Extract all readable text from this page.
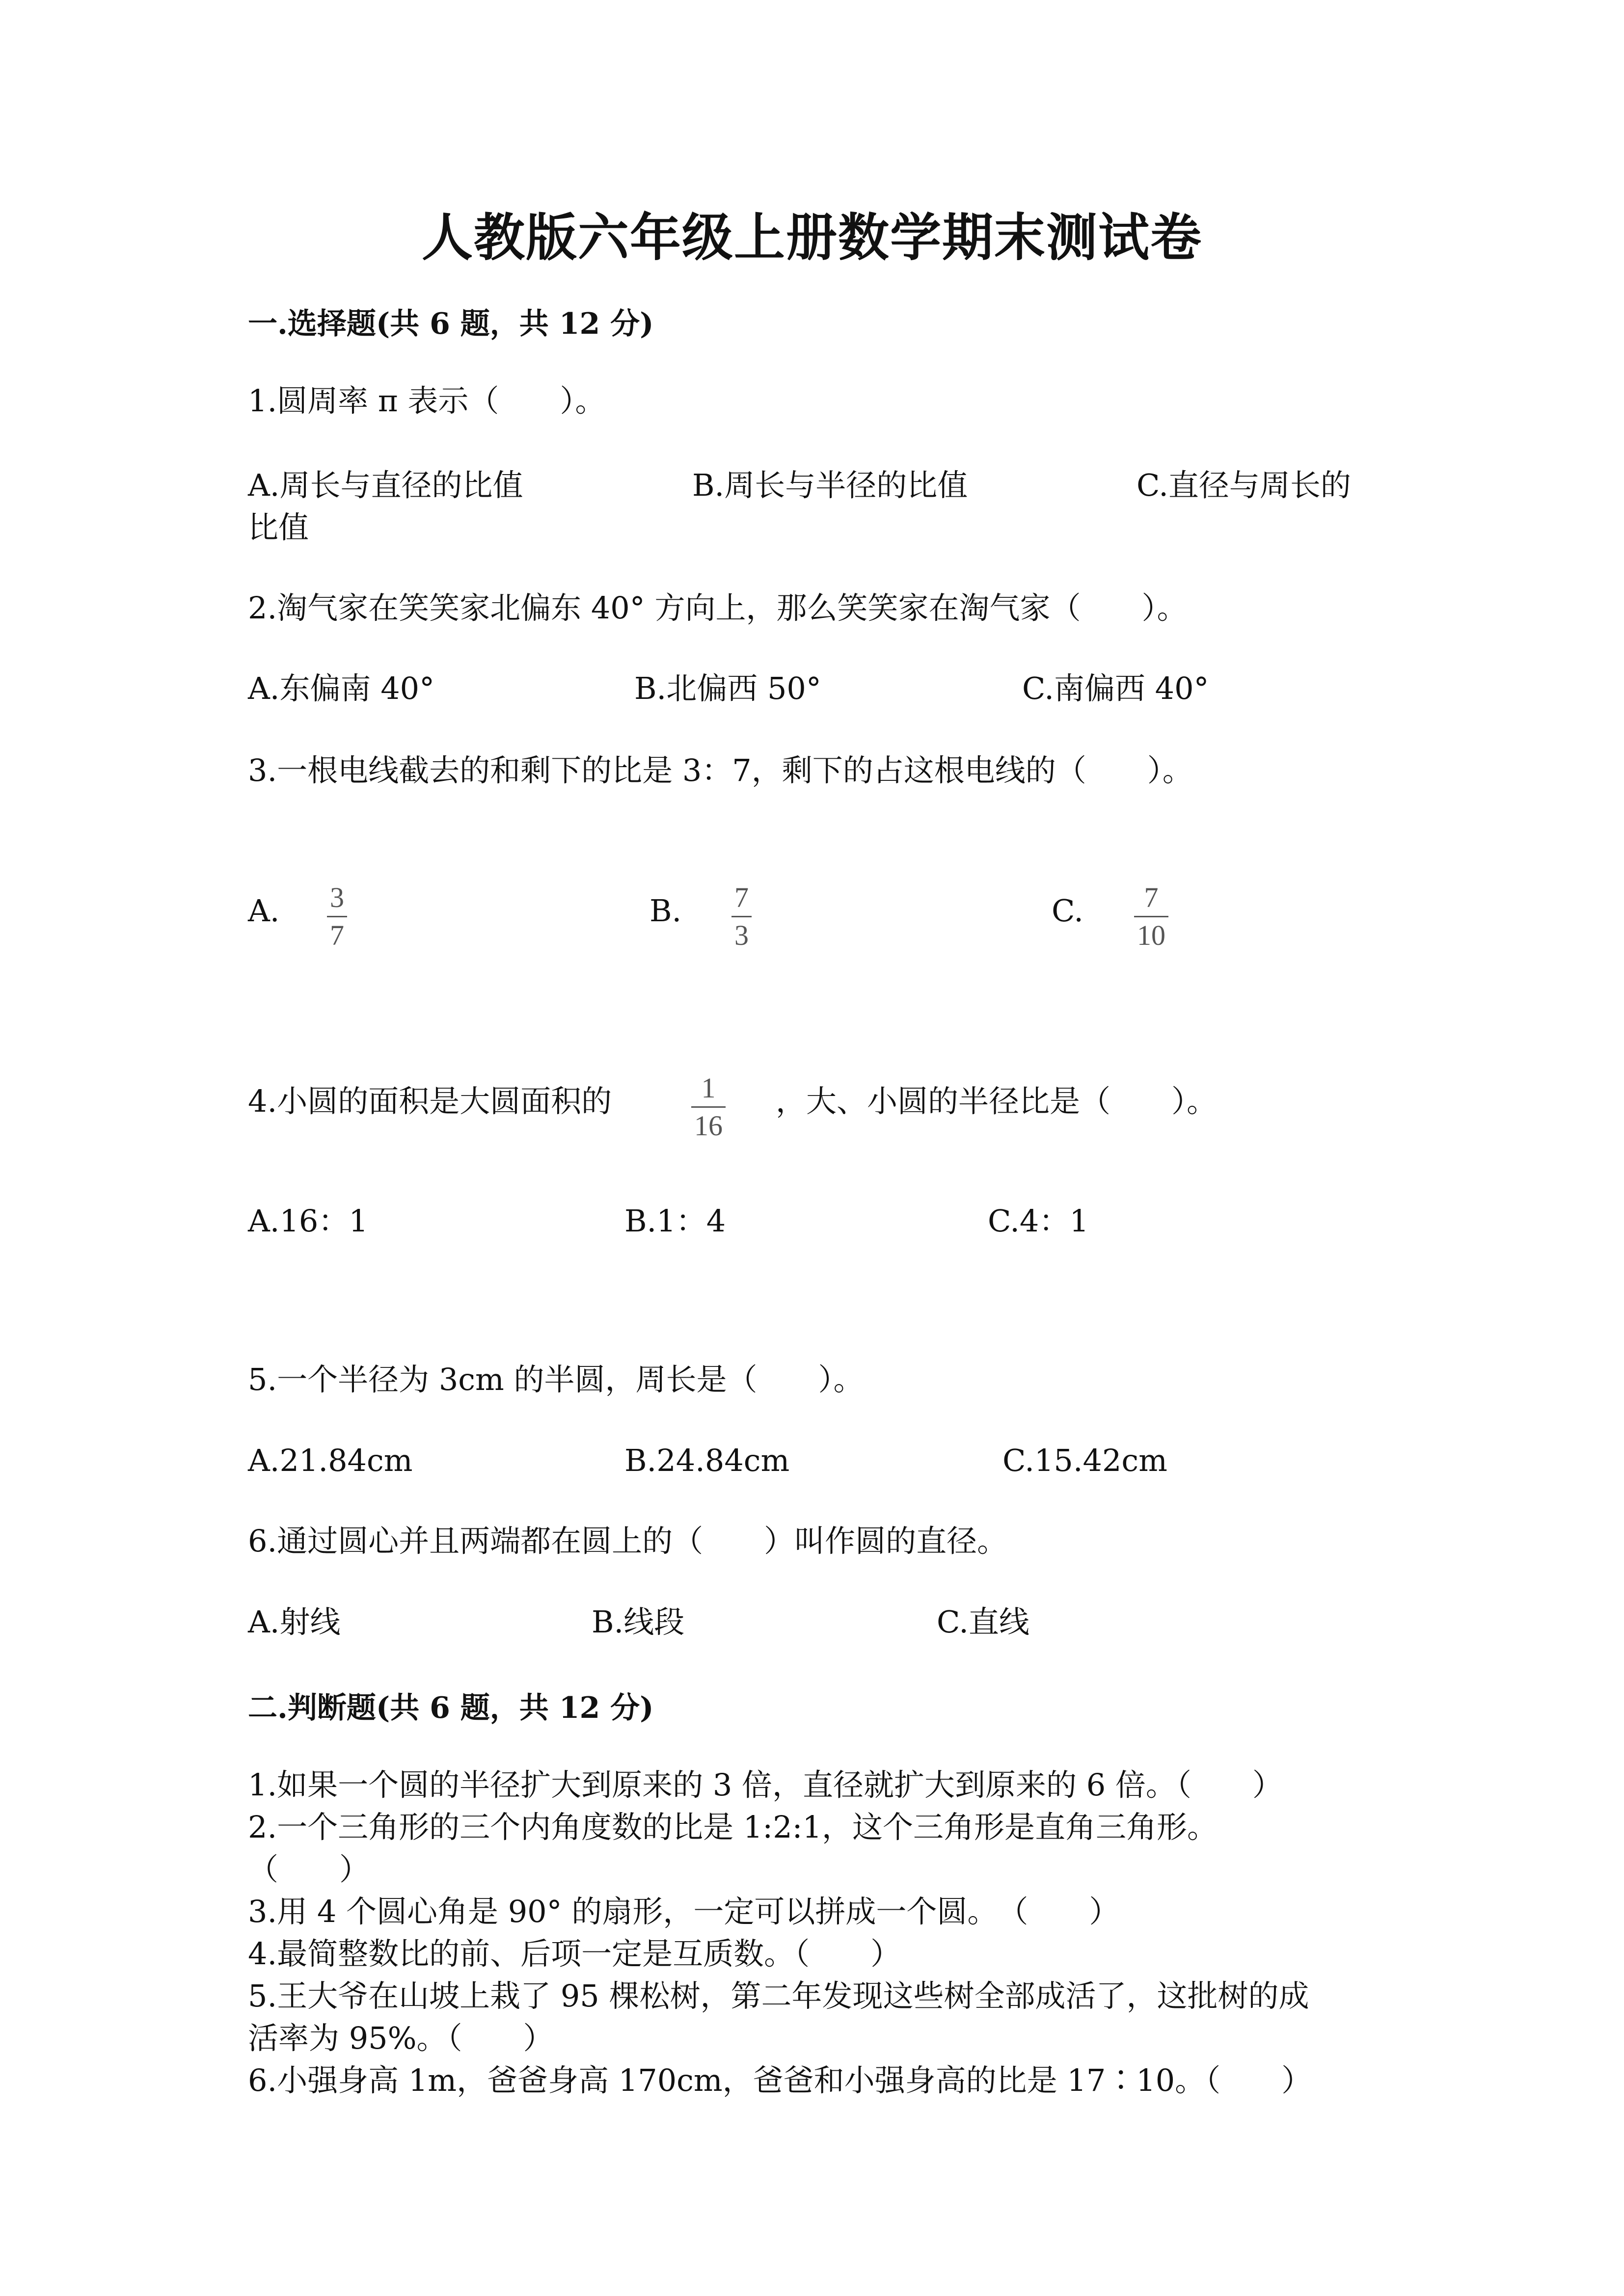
人教版六年级上册数学期末测试卷
一.选择题(共 6 题，共 12 分)
1.圆周率 π 表示（　　）。
A.周长与直径的比值	B.周长与半径的比值	C.直径与周长的
比值
2.淘气家在笑笑家北偏东 40° 方向上，那么笑笑家在淘气家（　　）。
A.东偏南 40°	B.北偏西 50°	C.南偏西 40°
3.一根电线截去的和剩下的比是 3：7，剩下的占这根电线的（　　）。
A. 3
7
B. 7
3
C. 7
10
4.小圆的面积是大圆面积的	1
16
，大、小圆的半径比是（　　）。
A.16：1	B.1：4	C.4：1
5.一个半径为 3cm 的半圆，周长是（　　）。
A.21.84cm	B.24.84cm	C.15.42cm
6.通过圆心并且两端都在圆上的（　　）叫作圆的直径。
A.射线	B.线段	C.直线
二.判断题(共 6 题，共 12 分)
1.如果一个圆的半径扩大到原来的 3 倍，直径就扩大到原来的 6 倍。（　　）
2.一个三角形的三个内角度数的比是 1:2:1，这个三角形是直角三角形。
（　　）
3.用 4 个圆心角是 90° 的扇形，一定可以拼成一个圆。　（　　）
4.最简整数比的前、后项一定是互质数。（　　）
5.王大爷在山坡上栽了 95 棵松树，第二年发现这些树全部成活了，这批树的成
活率为 95%。（　　）
6.小强身高 1m，爸爸身高 170cm，爸爸和小强身高的比是 17∶10。（　　）
